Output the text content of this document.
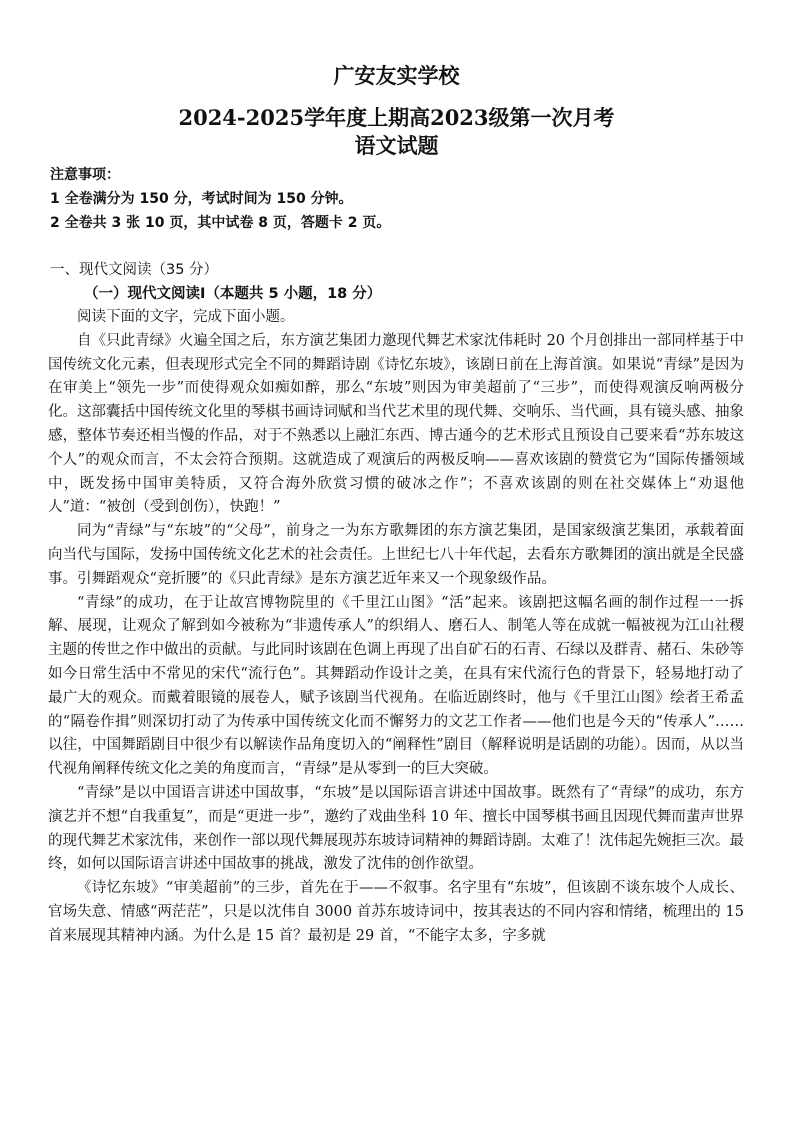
广安友实学校
2024-2025学年度上期高2023级第一次月考
语文试题

注意事项：

1 全卷满分为 150 分，考试时间为 150 分钟。

2 全卷共 3 张 10 页，其中试卷 8 页，答题卡 2 页。

一、现代文阅读（35 分）

（一）现代文阅读Ⅰ（本题共 5 小题，18 分）

阅读下面的文字，完成下面小题。

自《只此青绿》火遍全国之后，东方演艺集团力邀现代舞艺术家沈伟耗时 20 个月创排出一部同样基于中国传统文化元素，但表现形式完全不同的舞蹈诗剧《诗忆东坡》，该剧日前在上海首演。如果说“青绿”是因为在审美上“领先一步”而使得观众如痴如醉，那么“东坡”则因为审美超前了“三步”，而使得观演反响两极分化。这部囊括中国传统文化里的琴棋书画诗词赋和当代艺术里的现代舞、交响乐、当代画，具有镜头感、抽象感，整体节奏还相当慢的作品，对于不熟悉以上融汇东西、博古通今的艺术形式且预设自己要来看“苏东坡这个人”的观众而言，不太会符合预期。这就造成了观演后的两极反响——喜欢该剧的赞赏它为“国际传播领域中，既发扬中国审美特质，又符合海外欣赏习惯的破冰之作”；不喜欢该剧的则在社交媒体上“劝退他人”道：“被创（受到创伤），快跑！”

同为“青绿”与“东坡”的“父母”，前身之一为东方歌舞团的东方演艺集团，是国家级演艺集团，承载着面向当代与国际，发扬中国传统文化艺术的社会责任。上世纪七八十年代起，去看东方歌舞团的演出就是全民盛事。引舞蹈观众“竞折腰”的《只此青绿》是东方演艺近年来又一个现象级作品。

“青绿”的成功，在于让故宫博物院里的《千里江山图》“活”起来。该剧把这幅名画的制作过程一一拆解、展现，让观众了解到如今被称为“非遗传承人”的织绢人、磨石人、制笔人等在成就一幅被视为江山社稷主题的传世之作中做出的贡献。与此同时该剧在色调上再现了出自矿石的石青、石绿以及群青、赭石、朱砂等如今日常生活中不常见的宋代“流行色”。其舞蹈动作设计之美，在具有宋代流行色的背景下，轻易地打动了最广大的观众。而戴着眼镜的展卷人，赋予该剧当代视角。在临近剧终时，他与《千里江山图》绘者王希孟的“隔卷作揖”则深切打动了为传承中国传统文化而不懈努力的文艺工作者——他们也是今天的“传承人”……以往，中国舞蹈剧目中很少有以解读作品角度切入的“阐释性”剧目（解释说明是话剧的功能）。因而，从以当代视角阐释传统文化之美的角度而言，“青绿”是从零到一的巨大突破。

“青绿”是以中国语言讲述中国故事，“东坡”是以国际语言讲述中国故事。既然有了“青绿”的成功，东方演艺并不想“自我重复”，而是“更进一步”，邀约了戏曲坐科 10 年、擅长中国琴棋书画且因现代舞而蜚声世界的现代舞艺术家沈伟，来创作一部以现代舞展现苏东坡诗词精神的舞蹈诗剧。太难了！沈伟起先婉拒三次。最终，如何以国际语言讲述中国故事的挑战，激发了沈伟的创作欲望。

《诗忆东坡》“审美超前”的三步，首先在于——不叙事。名字里有“东坡”，但该剧不谈东坡个人成长、官场失意、情感“两茫茫”，只是以沈伟自 3000 首苏东坡诗词中，按其表达的不同内容和情绪，梳理出的 15 首来展现其精神内涵。为什么是 15 首？最初是 29 首，“不能字太多，字多就
